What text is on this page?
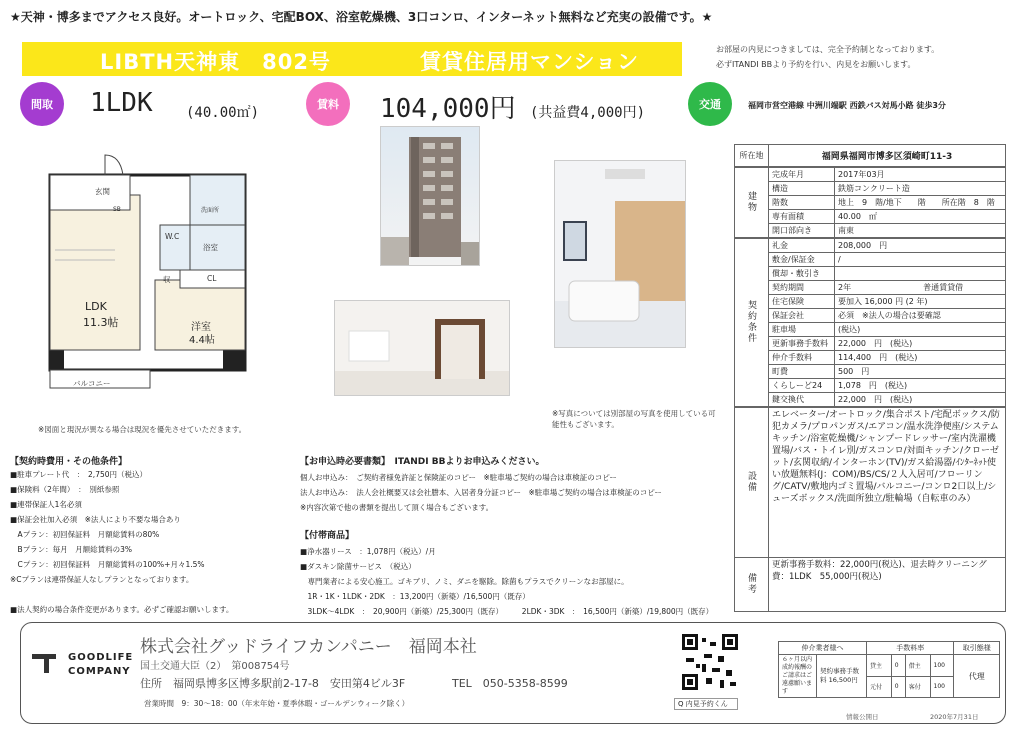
★天神・博多までアクセス良好。オートロック、宅配BOX、浴室乾燥機、3口コンロ、インターネット無料など充実の設備です。★
LIBTH天神東　802号	賃貸住居用マンション
お部屋の内見につきましては、完全予約制となっております。
必ずITANDI BBより予約を行い、内見をお願いします。
間取	1LDK (40.00㎡)
賃料	104,000円 (共益費4,000円)
交通	福岡市営空港線 中洲川端駅 西鉄バス対馬小路 徒歩3分
玄関
SB	洗面所
W.C
浴室
収	CL
LDK
11.3帖	洋室
4.4帖
バルコニー
※図面と現況が異なる場合は現況を優先させていただきます。
※写真については別部屋の写真を使用している可能性もございます。
所在地	福岡県福岡市博多区須崎町11-3
建物	完成年月	2017年03月
	構造	鉄筋コンクリート造
	階数	地上　9　階/地下　　階　　所在階　8　階
	専有面積	40.00　㎡
	開口部向き	南東
契約条件	礼金	208,000　円
	敷金/保証金	/
	償却・敷引き	
	契約期間	2年　　　　　　　　　普通賃貸借
	住宅保険	要加入 16,000 円 (2 年)
	保証会社	必須　※法人の場合は要確認
	駐車場	(税込)
	更新事務手数料	22,000　円　(税込)
	仲介手数料	114,400　円　(税込)
	町費	500　円
	くらしーど24	1,078　円　(税込)
	鍵交換代	22,000　円　(税込)
設備	エレベーター/オートロック/集合ポスト/宅配ボックス/防犯カメラ/プロパンガス/エアコン/温水洗浄便座/システムキッチン/浴室乾燥機/シャンプードレッサー/室内洗濯機置場/バス・トイレ別/ガスコンロ/対面キッチン/クローゼット/玄関収納/インターホン(TV)/ガス給湯器/ｲﾝﾀｰﾈｯﾄ使い放題無料(J：COM)/BS/CS/２人入居可/フローリング/CATV/敷地内ゴミ置場/バルコニー/コンロ2口以上/シューズボックス/洗面所独立/駐輪場（自転車のみ）
備考	更新事務手数料：22,000円(税込)、退去時クリーニング費：1LDK　55,000円(税込)
【契約時費用・その他条件】
■駐車プレート代　：　2,750円（税込）
■保険料（2年間）　：　別紙参照
■連帯保証人1名必須
■保証会社加入必須　※法人により不要な場合あり
　Aプラン：初回保証料　月額総賃料の80%
　Bプラン：毎月　月額総賃料の3%
　Cプラン：初回保証料　月額総賃料の100%+月々1.5%
※Cプランは連帯保証人なしプランとなっております。

■法人契約の場合条件変更があります。必ずご確認お願いします。
【お申込時必要書類】　ITANDI BBよりお申込みください。
個人お申込み：　ご契約者様免許証と保険証のコピー　※駐車場ご契約の場合は車検証のコピー
法人お申込み：　法人会社概要又は会社謄本、入居者身分証コピー　※駐車場ご契約の場合は車検証のコピー
※内容次第で他の書類を提出して頂く場合もございます。
【付帯商品】
■浄水器リース　：1,078円（税込）/月
■ダスキン除菌サービス　（税込）
　専門業者による安心施工。ゴキブリ、ノミ、ダニを駆除。除菌もプラスでクリーンなお部屋に。
　1R・1K・1LDK・2DK　：13,200円（新築）/16,500円（既存）
　3LDK～4LDK　：　20,900円（新築）/25,300円（既存）　　　2LDK・3DK　：　16,500円（新築）/19,800円（既存）
GOODLIFE
COMPANY
株式会社グッドライフカンパニー　福岡本社
国土交通大臣（2）　第008754号
住所　福岡県博多区博多駅前2-17-8　安田第4ビル3F	TEL　050-5358-8599
営業時間　9：30～18：00（年末年始・夏季休暇・ゴールデンウィーク除く）	Q 内見予約くん
仲介業者様へ		手数料率				取引態様
６ヶ月以内成約報酬のご請求はご遠慮願います	契約事務手数料 16,500円	貸主	0	借主	100	代理
		元付	0	客付	100	
情報公開日	2020年7月31日
